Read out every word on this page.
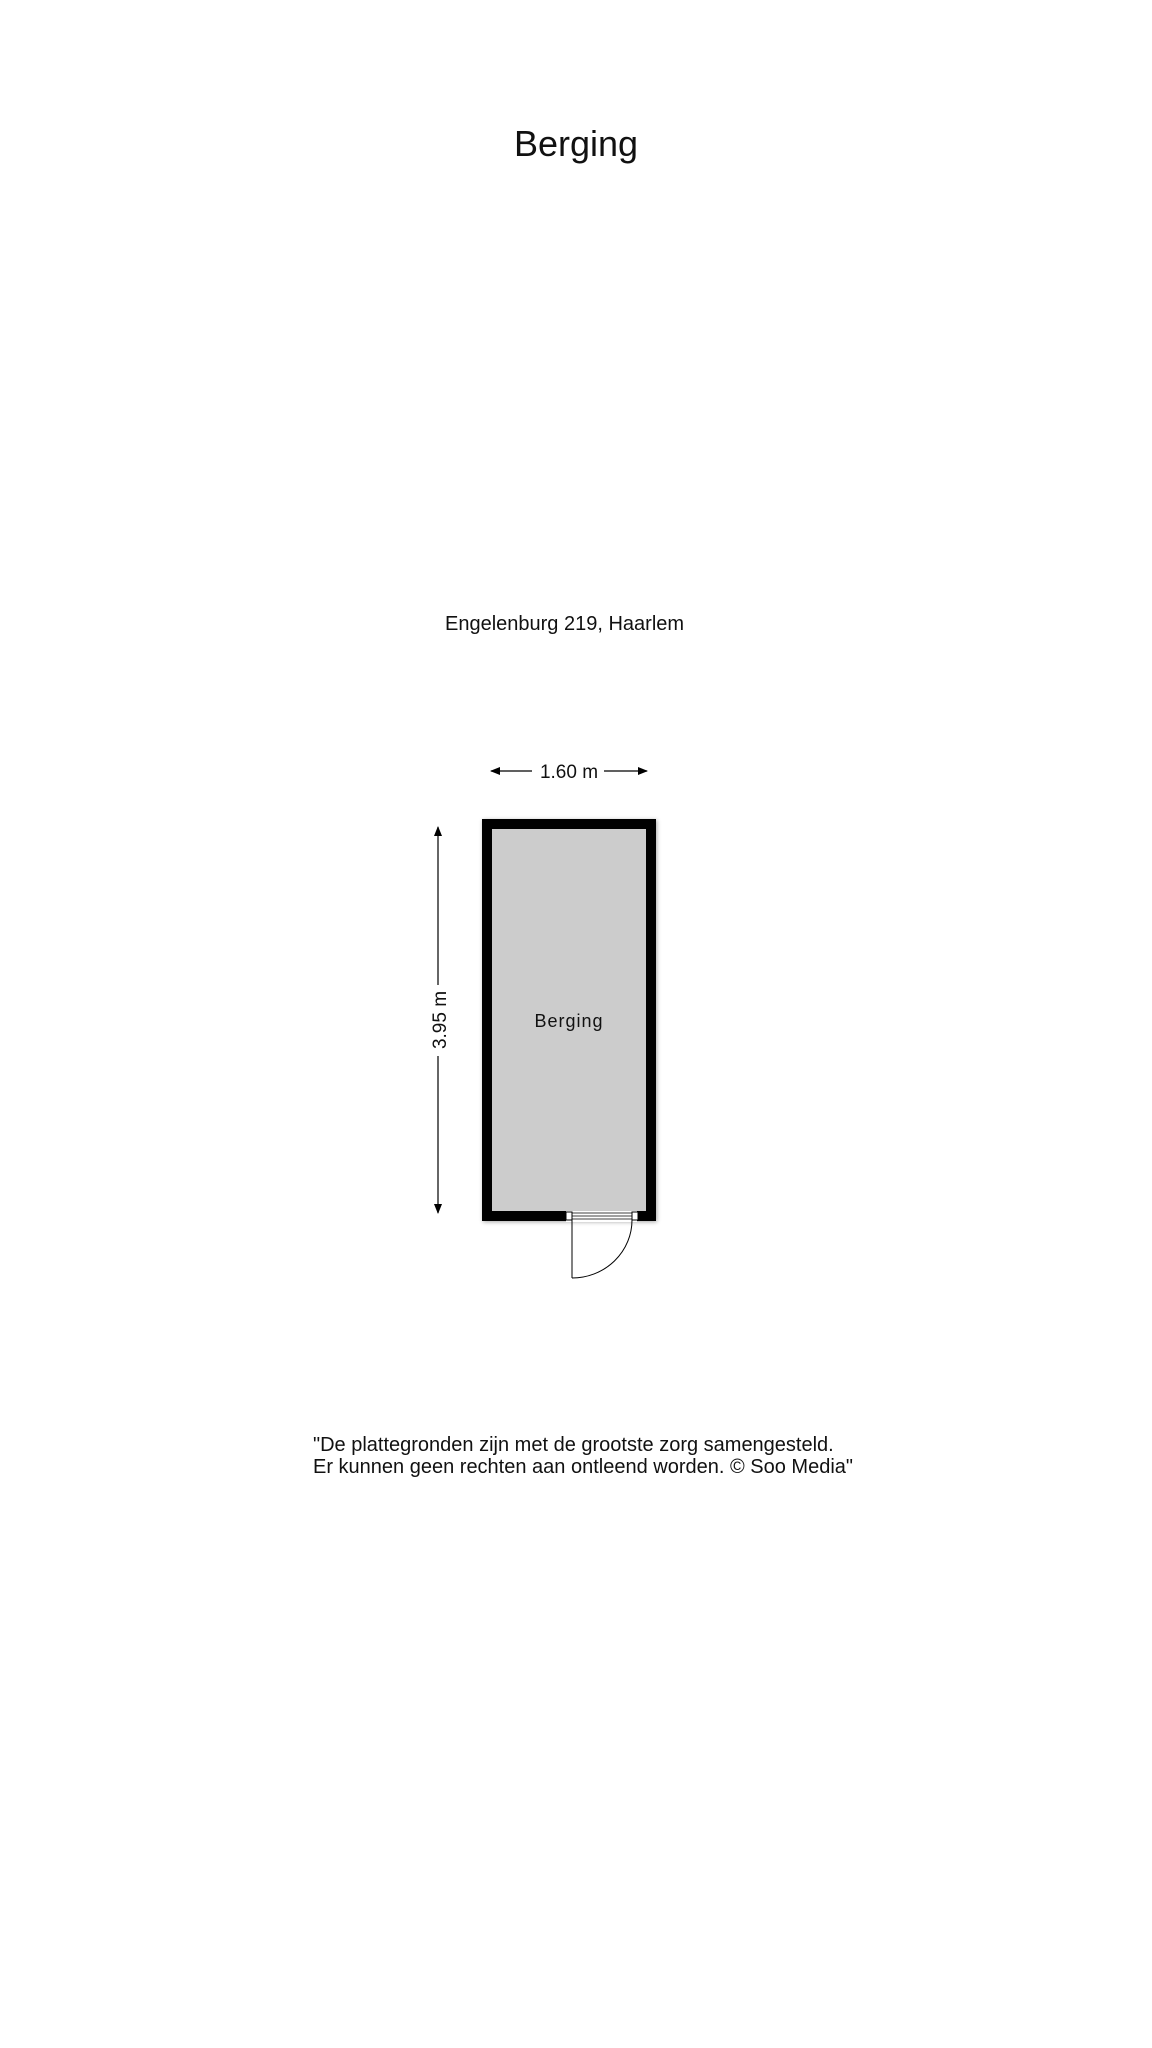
Berging
Engelenburg 219, Haarlem
1.60 m
3.95 m	Berging
"De plattegronden zijn met de grootste zorg samengesteld.
Er kunnen geen rechten aan ontleend worden. © Soo Media"
